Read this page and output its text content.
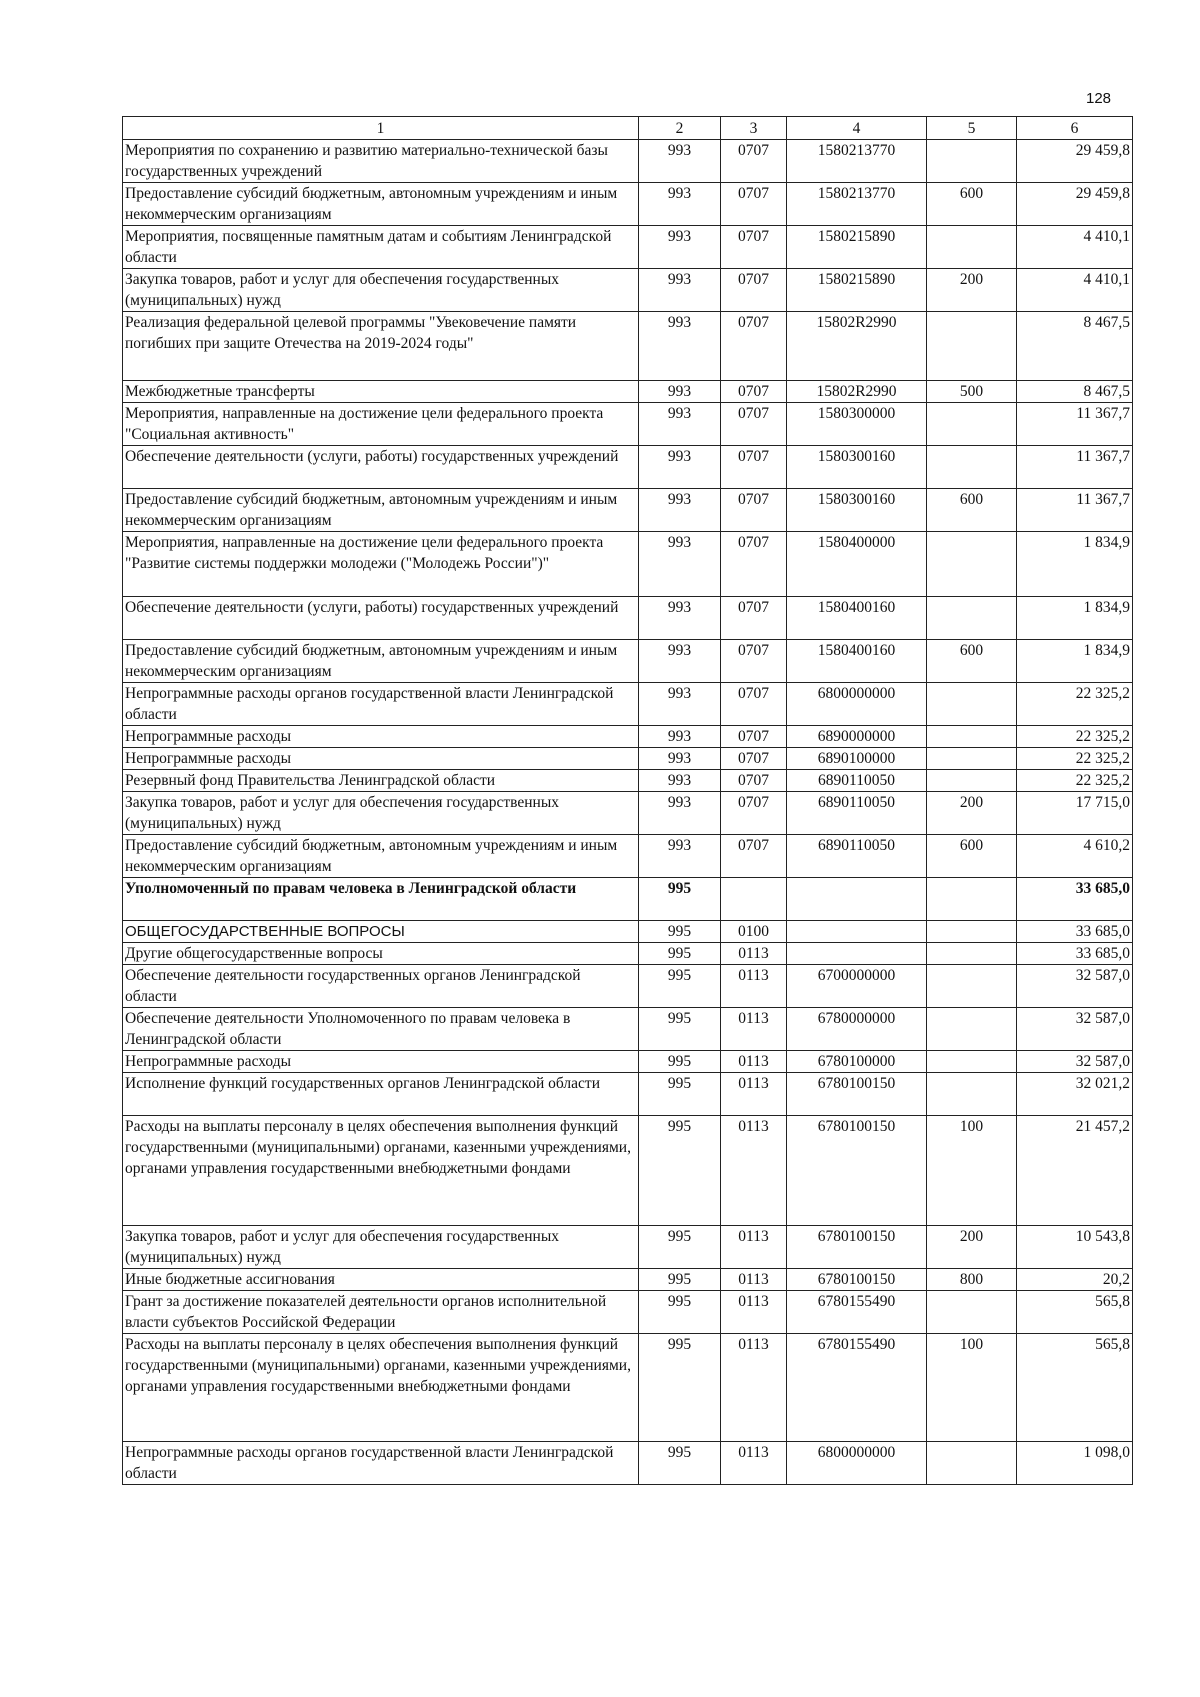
128
1	2	3	4	5	6
Мероприятия по сохранению и развитию материально-технической базы государственных учреждений	993	0707	1580213770		29 459,8
Предоставление субсидий бюджетным, автономным учреждениям и иным некоммерческим организациям	993	0707	1580213770	600	29 459,8
Мероприятия, посвященные памятным датам и событиям Ленинградской области	993	0707	1580215890		4 410,1
Закупка товаров, работ и услуг для обеспечения государственных (муниципальных) нужд	993	0707	1580215890	200	4 410,1
Реализация федеральной целевой программы "Увековечение памяти погибших при защите Отечества на 2019-2024 годы"	993	0707	15802R2990		8 467,5
Межбюджетные трансферты	993	0707	15802R2990	500	8 467,5
Мероприятия, направленные на достижение цели федерального проекта "Социальная активность"	993	0707	1580300000		11 367,7
Обеспечение деятельности (услуги, работы) государственных учреждений	993	0707	1580300160		11 367,7
Предоставление субсидий бюджетным, автономным учреждениям и иным некоммерческим организациям	993	0707	1580300160	600	11 367,7
Мероприятия, направленные на достижение цели федерального проекта "Развитие системы поддержки молодежи ("Молодежь России")"	993	0707	1580400000		1 834,9
Обеспечение деятельности (услуги, работы) государственных учреждений	993	0707	1580400160		1 834,9
Предоставление субсидий бюджетным, автономным учреждениям и иным некоммерческим организациям	993	0707	1580400160	600	1 834,9
Непрограммные расходы органов государственной власти Ленинградской области	993	0707	6800000000		22 325,2
Непрограммные расходы	993	0707	6890000000		22 325,2
Непрограммные расходы	993	0707	6890100000		22 325,2
Резервный фонд Правительства Ленинградской области	993	0707	6890110050		22 325,2
Закупка товаров, работ и услуг для обеспечения государственных (муниципальных) нужд	993	0707	6890110050	200	17 715,0
Предоставление субсидий бюджетным, автономным учреждениям и иным некоммерческим организациям	993	0707	6890110050	600	4 610,2
Уполномоченный по правам человека в Ленинградской области	995				33 685,0
ОБЩЕГОСУДАРСТВЕННЫЕ ВОПРОСЫ	995	0100			33 685,0
Другие общегосударственные вопросы	995	0113			33 685,0
Обеспечение деятельности государственных органов Ленинградской области	995	0113	6700000000		32 587,0
Обеспечение деятельности Уполномоченного по правам человека в Ленинградской области	995	0113	6780000000		32 587,0
Непрограммные расходы	995	0113	6780100000		32 587,0
Исполнение функций государственных органов Ленинградской области	995	0113	6780100150		32 021,2
Расходы на выплаты персоналу в целях обеспечения выполнения функций государственными (муниципальными) органами, казенными учреждениями, органами управления государственными внебюджетными фондами	995	0113	6780100150	100	21 457,2
Закупка товаров, работ и услуг для обеспечения государственных (муниципальных) нужд	995	0113	6780100150	200	10 543,8
Иные бюджетные ассигнования	995	0113	6780100150	800	20,2
Грант за достижение показателей деятельности органов исполнительной власти субъектов Российской Федерации	995	0113	6780155490		565,8
Расходы на выплаты персоналу в целях обеспечения выполнения функций государственными (муниципальными) органами, казенными учреждениями, органами управления государственными внебюджетными фондами	995	0113	6780155490	100	565,8
Непрограммные расходы органов государственной власти Ленинградской области	995	0113	6800000000		1 098,0
